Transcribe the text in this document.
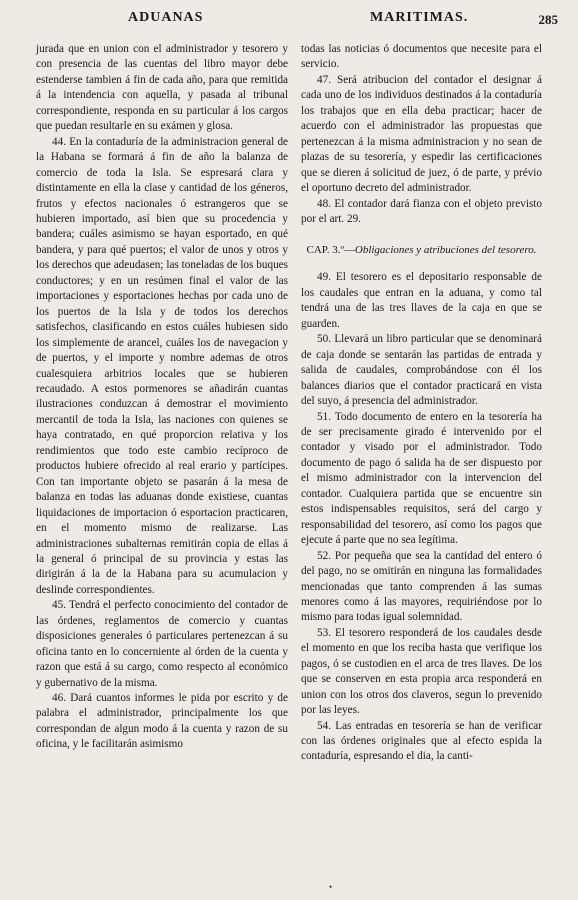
ADUANAS	MARITIMAS.	285

jurada que en union con el administrador y tesorero y con presencia de las cuentas del libro mayor debe estenderse tambien á fin de cada año, para que remitida á la intendencia con aquella, y pasada al tribunal correspondiente, responda en su particular á los cargos que puedan resultarle en su exámen y glosa.

44. En la contaduría de la administracion general de la Habana se formará á fin de año la balanza de comercio de toda la Isla. Se espresará clara y distintamente en ella la clase y cantidad de los géneros, frutos y efectos nacionales ó estrangeros que se hubieren importado, así bien que su procedencia y bandera; cuáles asimismo se hayan esportado, en qué bandera, y para qué puertos; el valor de unos y otros y los derechos que adeudasen; las toneladas de los buques conductores; y en un resúmen final el valor de las importaciones y esportaciones hechas por cada uno de los puertos de la Isla y de todos los derechos satisfechos, clasificando en estos cuáles hubiesen sido los simplemente de arancel, cuáles los de navegacion y de puertos, y el importe y nombre ademas de otros cualesquiera arbitrios locales que se hubieren recaudado. A estos pormenores se añadirán cuantas ilustraciones conduzcan á demostrar el movimiento mercantil de toda la Isla, las naciones con quienes se haya contratado, en qué proporcion relativa y los rendimientos que todo este cambio recíproco de productos hubiere ofrecido al real erario y partícipes. Con tan importante objeto se pasarán á la mesa de balanza en todas las aduanas donde existiese, cuantas liquidaciones de importacion ó esportacion practicaren, en el momento mismo de realizarse. Las administraciones subalternas remitirán copia de ellas á la general ó principal de su provincia y estas las dirigirán á la de la Habana para su acumulacion y deslinde correspondientes.

45. Tendrá el perfecto conocimiento del contador de las órdenes, reglamentos de comercio y cuantas disposiciones generales ó particulares pertenezcan á su oficina tanto en lo concerniente al órden de la cuenta y razon que está á su cargo, como respecto al económico y gubernativo de la misma.

46. Dará cuantos informes le pida por escrito y de palabra el administrador, principalmente los que correspondan de algun modo á la cuenta y razon de su oficina, y le facilitarán asimismo

todas las noticias ó documentos que necesite para el servicio.

47. Será atribucion del contador el designar á cada uno de los individuos destinados á la contaduría los trabajos que en ella deba practicar; hacer de acuerdo con el administrador las propuestas que pertenezcan á la misma administracion y no sean de plazas de su tesorería, y espedir las certificaciones que se dieren á solicitud de juez, ó de parte, y prévio el oportuno decreto del administrador.

48. El contador dará fianza con el objeto previsto por el art. 29.

CAP. 3.º—Obligaciones y atribuciones del tesorero.

49. El tesorero es el depositario responsable de los caudales que entran en la aduana, y como tal tendrá una de las tres llaves de la caja en que se guarden.

50. Llevará un libro particular que se denominará de caja donde se sentarán las partidas de entrada y salida de caudales, comprobándose con él los balances diarios que el contador practicará en vista del suyo, á presencia del administrador.

51. Todo documento de entero en la tesorería ha de ser precisamente girado é intervenido por el contador y visado por el administrador. Todo documento de pago ó salida ha de ser dispuesto por el mismo administrador con la intervencion del contador. Cualquiera partida que se encuentre sin estos indispensables requisitos, será del cargo y responsabilidad del tesorero, así como los pagos que ejecute á parte que no sea legítima.

52. Por pequeña que sea la cantidad del entero ó del pago, no se omitirán en ninguna las formalidades mencionadas que tanto comprenden á las sumas menores como á las mayores, requiriéndose por lo mismo para todas igual solemnidad.

53. El tesorero responderá de los caudales desde el momento en que los reciba hasta que verifique los pagos, ó se custodien en el arca de tres llaves. De los que se conserven en esta propia arca responderá en union con los otros dos claveros, segun lo prevenido por las leyes.

54. Las entradas en tesorería se han de verificar con las órdenes originales que al efecto espida la contaduría, espresando el dia, la canti-

•
